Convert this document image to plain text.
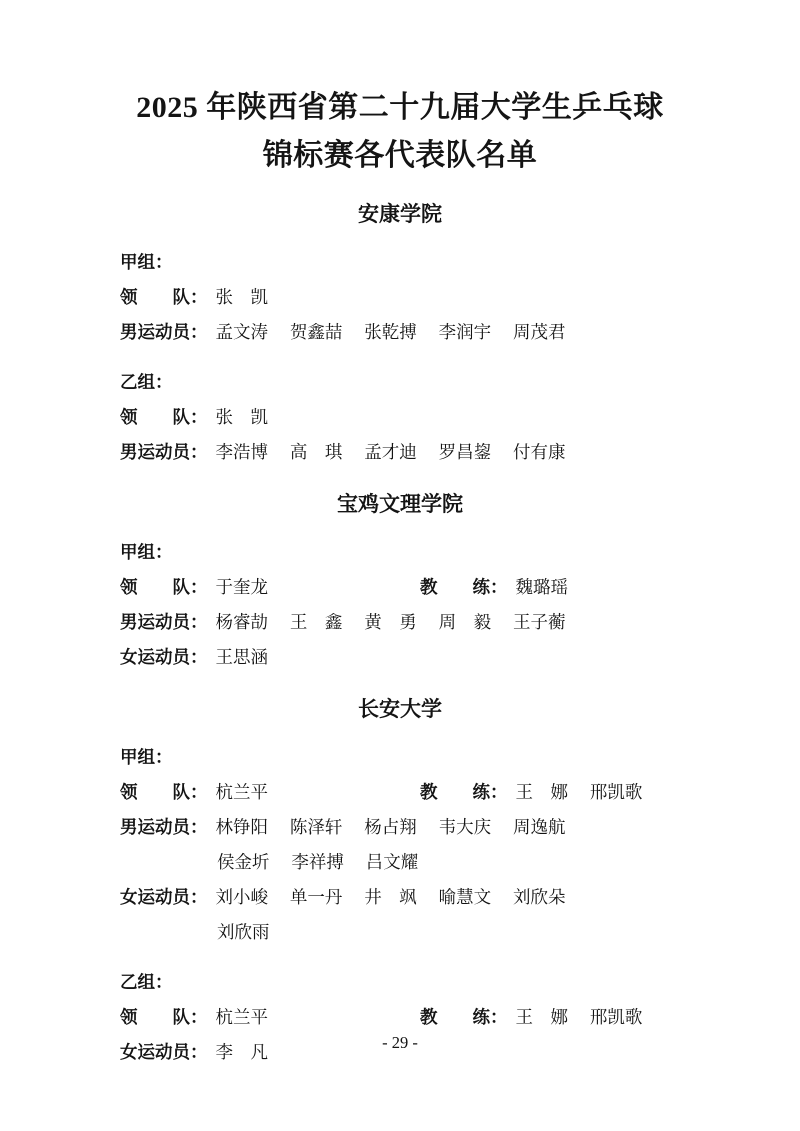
2025 年陕西省第二十九届大学生乒乓球
锦标赛各代表队名单
安康学院
甲组：
领　　队： 张　凯
男运动员： 孟文涛　 贺鑫喆　 张乾搏　 李润宇　 周茂君
乙组：
领　　队： 张　凯
男运动员： 李浩博　 高　琪　 孟才迪　 罗昌鋆　 付有康
宝鸡文理学院
甲组：
领　　队： 于奎龙	教　　练： 魏璐瑶
男运动员： 杨睿劼　 王　鑫　 黄　勇　 周　毅　 王子蘅
女运动员： 王思涵
长安大学
甲组：
领　　队： 杭兰平	教　　练： 王　娜　 邢凯歌
男运动员： 林铮阳　 陈泽轩　 杨占翔　 韦大庆　 周逸航
侯金圻　 李祥搏　 吕文耀
女运动员： 刘小峻　 单一丹　 井　飒　 喻慧文　 刘欣朵
刘欣雨
乙组：
领　　队： 杭兰平	教　　练： 王　娜　 邢凯歌
女运动员： 李　凡	- 29 -
